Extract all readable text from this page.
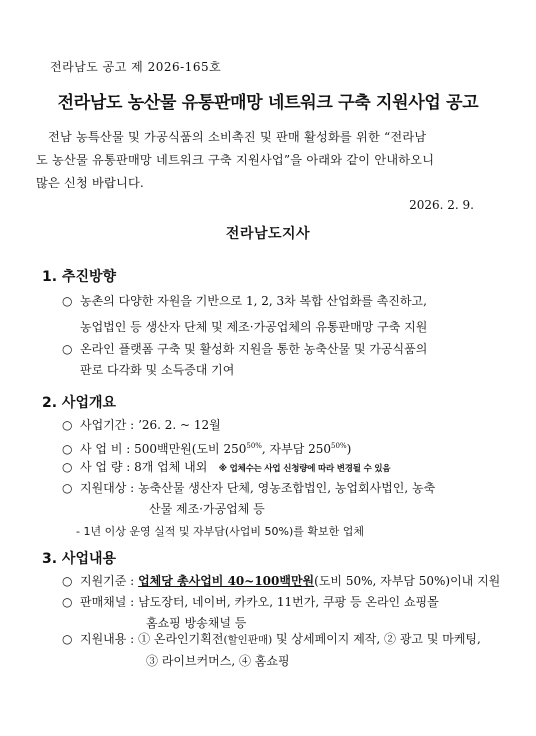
전라남도 공고 제 2026-165호
전라남도 농산물 유통판매망 네트워크 구축 지원사업 공고
전남 농특산물 및 가공식품의 소비촉진 및 판매 활성화를 위한 “전라남
도 농산물 유통판매망 네트워크 구축 지원사업”을 아래와 같이 안내하오니
많은 신청 바랍니다.
2026. 2. 9.
전라남도지사
1. 추진방향
○ 농촌의 다양한 자원을 기반으로 1, 2, 3차 복합 산업화를 촉진하고,
농업법인 등 생산자 단체 및 제조·가공업체의 유통판매망 구축 지원
○ 온라인 플랫폼 구축 및 활성화 지원을 통한 농축산물 및 가공식품의
판로 다각화 및 소득증대 기여
2. 사업개요
○ 사업기간 : ’26. 2. ~ 12월
○ 사 업 비 : 500백만원(도비 $250^{50\%}$, 자부담 $250^{50\%}$)
○ 사 업 량 : 8개 업체 내외 ※ 업체수는 사업 신청량에 따라 변경될 수 있음
○ 지원대상 : 농축산물 생산자 단체, 영농조합법인, 농업회사법인, 농축
산물 제조·가공업체 등
- 1년 이상 운영 실적 및 자부담(사업비 50%)를 확보한 업체
3. 사업내용
○ 지원기준 : 업체당 총사업비 40~100백만원(도비 50%, 자부담 50%)이내 지원
○ 판매채널 : 남도장터, 네이버, 카카오, 11번가, 쿠팡 등 온라인 쇼핑몰
홈쇼핑 방송채널 등
○ 지원내용 : ① 온라인기획전(할인판매) 및 상세페이지 제작, ② 광고 및 마케팅,
③ 라이브커머스, ④ 홈쇼핑
